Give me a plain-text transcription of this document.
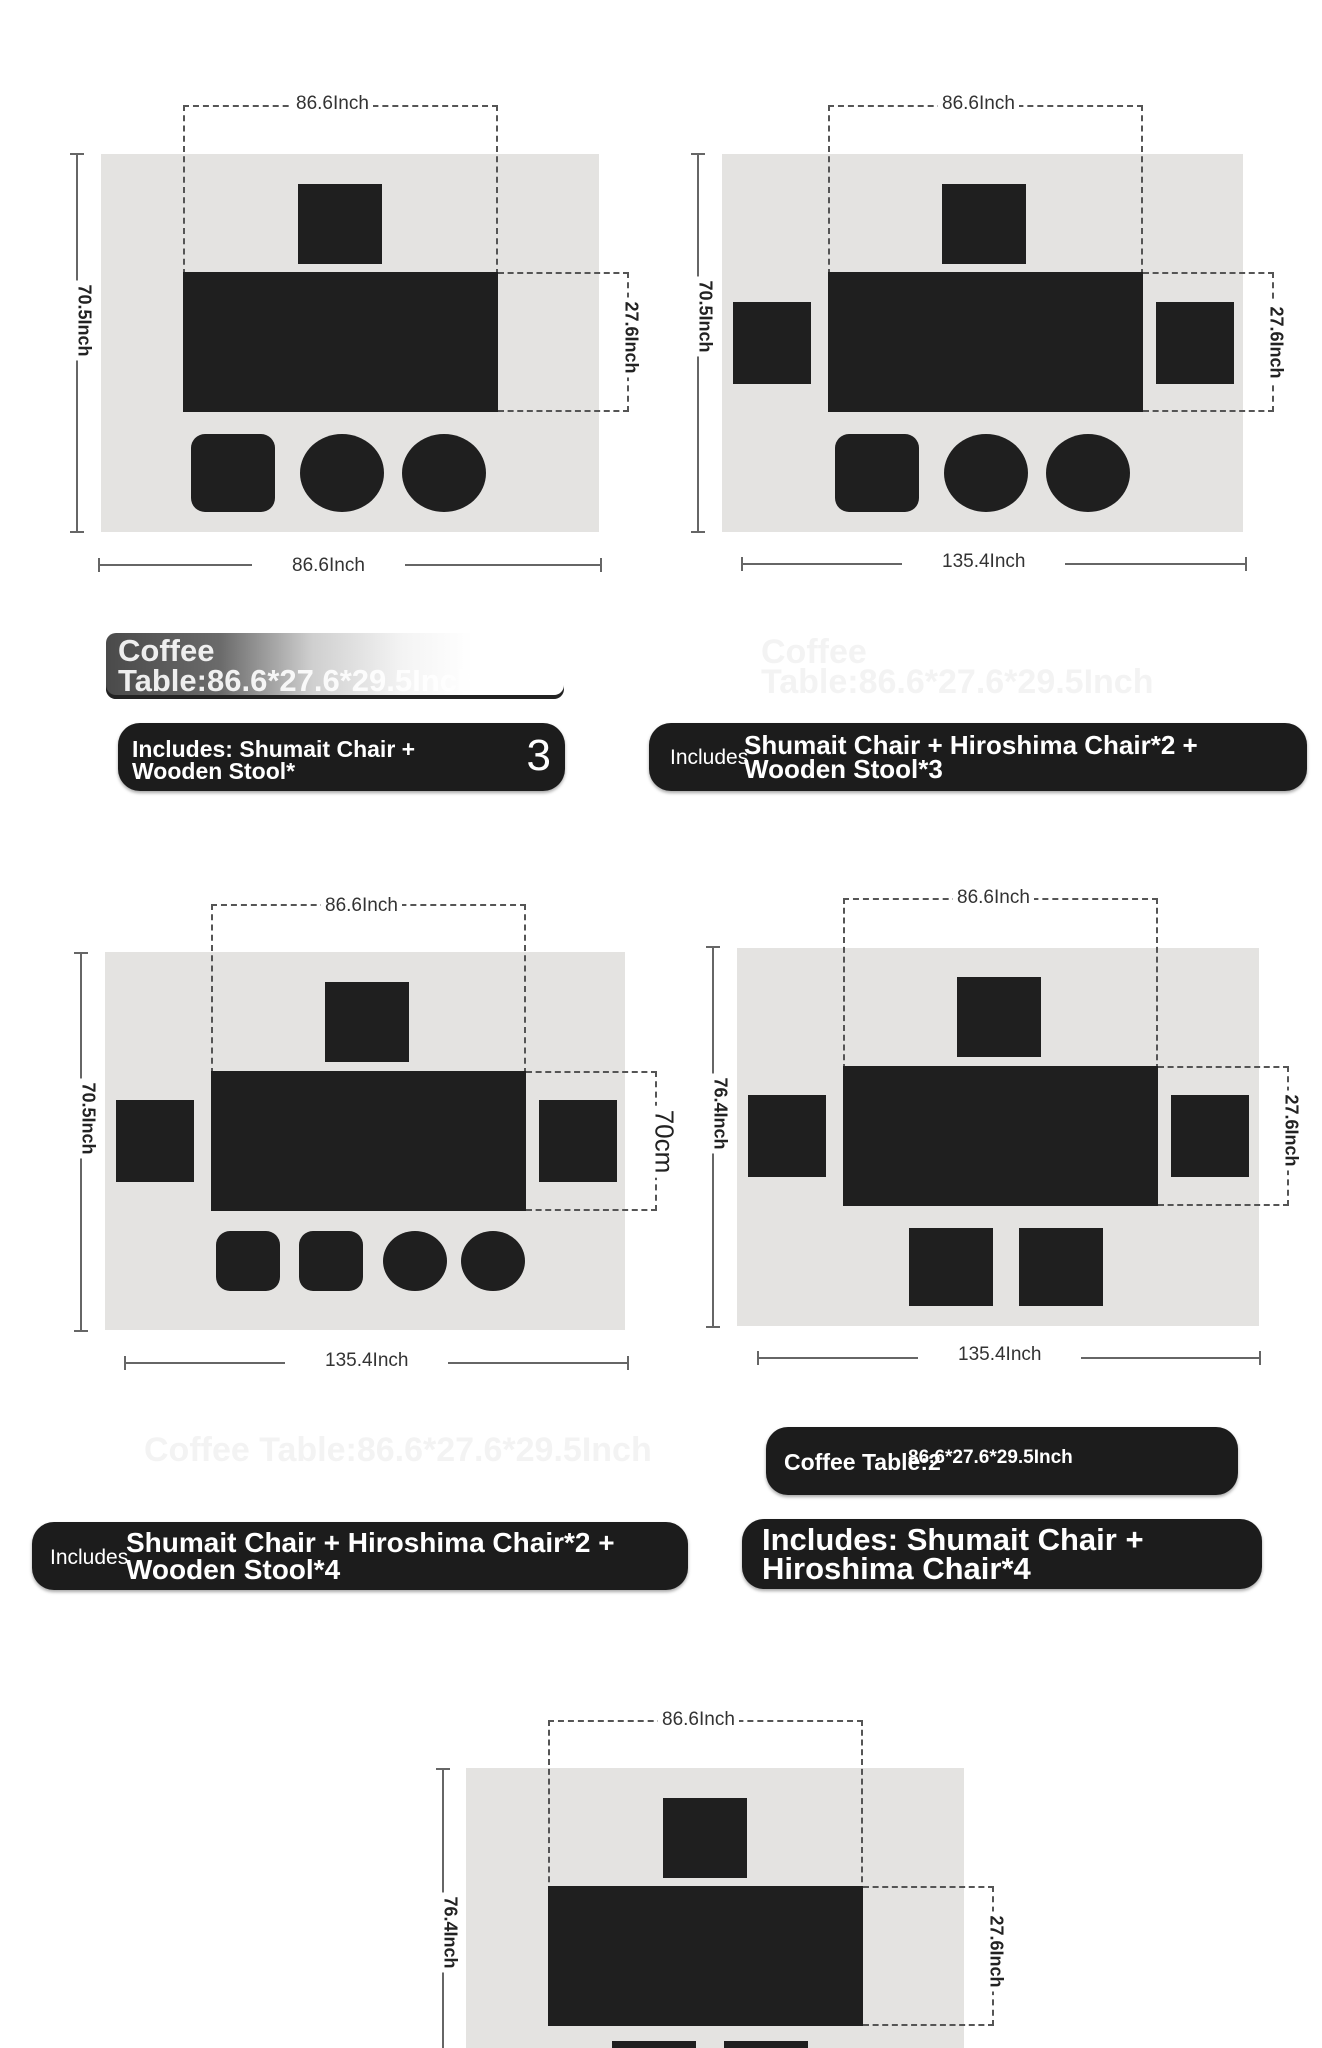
86.6Inch
27.6Inch
70.5Inch
86.6Inch
Coffee Table:86.6*27.6*29.5Inch
Includes: Shumait Chair + Wooden Stool*	3
86.6Inch
27.6Inch
70.5Inch
135.4Inch
Coffee Table:86.6*27.6*29.5Inch
Includes
Shumait Chair + Hiroshima Chair*2 + Wooden Stool*3
86.6Inch
70cm
70.5Inch
135.4Inch
Coffee Table:86.6*27.6*29.5Inch
Includes
Shumait Chair + Hiroshima Chair*2 + Wooden Stool*4
86.6Inch
27.6Inch
76.4Inch
135.4Inch
Coffee Table:2
86.6*27.6*29.5Inch
Includes: Shumait Chair + Hiroshima Chair*4
86.6Inch
27.6Inch
76.4Inch
